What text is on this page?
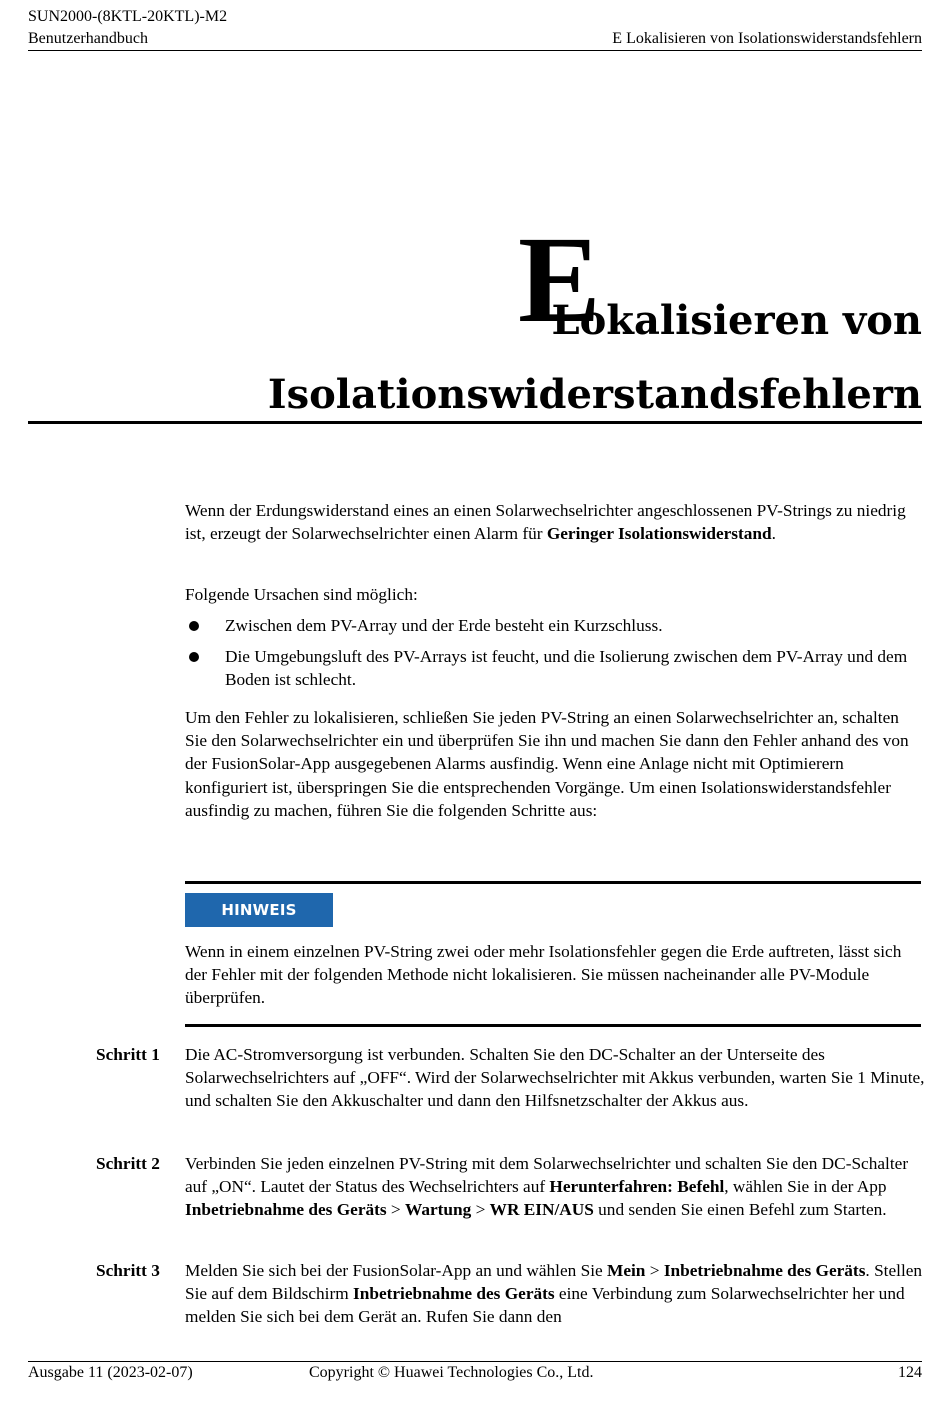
SUN2000-(8KTL-20KTL)-M2
Benutzerhandbuch	E Lokalisieren von Isolationswiderstandsfehlern
E
Lokalisieren von
Isolationswiderstandsfehlern

Wenn der Erdungswiderstand eines an einen Solarwechselrichter angeschlossenen PV-Strings zu niedrig ist, erzeugt der Solarwechselrichter einen Alarm für Geringer Isolationswiderstand.

Folgende Ursachen sind möglich:

Zwischen dem PV-Array und der Erde besteht ein Kurzschluss.
Die Umgebungsluft des PV-Arrays ist feucht, und die Isolierung zwischen dem PV-Array und dem Boden ist schlecht.

Um den Fehler zu lokalisieren, schließen Sie jeden PV-String an einen Solarwechselrichter an, schalten Sie den Solarwechselrichter ein und überprüfen Sie ihn und machen Sie dann den Fehler anhand des von der FusionSolar-App ausgegebenen Alarms ausfindig. Wenn eine Anlage nicht mit Optimierern konfiguriert ist, überspringen Sie die entsprechenden Vorgänge. Um einen Isolationswiderstandsfehler ausfindig zu machen, führen Sie die folgenden Schritte aus:

HINWEIS

Wenn in einem einzelnen PV-String zwei oder mehr Isolationsfehler gegen die Erde auftreten, lässt sich der Fehler mit der folgenden Methode nicht lokalisieren. Sie müssen nacheinander alle PV-Module überprüfen.

Schritt 1 Die AC-Stromversorgung ist verbunden. Schalten Sie den DC-Schalter an der Unterseite des Solarwechselrichters auf „OFF“. Wird der Solarwechselrichter mit Akkus verbunden, warten Sie 1 Minute, und schalten Sie den Akkuschalter und dann den Hilfsnetzschalter der Akkus aus.

Schritt 2 Verbinden Sie jeden einzelnen PV-String mit dem Solarwechselrichter und schalten Sie den DC-Schalter auf „ON“. Lautet der Status des Wechselrichters auf Herunterfahren: Befehl, wählen Sie in der App Inbetriebnahme des Geräts > Wartung > WR EIN/AUS und senden Sie einen Befehl zum Starten.

Schritt 3 Melden Sie sich bei der FusionSolar-App an und wählen Sie Mein > Inbetriebnahme des Geräts. Stellen Sie auf dem Bildschirm Inbetriebnahme des Geräts eine Verbindung zum Solarwechselrichter her und melden Sie sich bei dem Gerät an. Rufen Sie dann den

Ausgabe 11 (2023-02-07)	Copyright © Huawei Technologies Co., Ltd.	124
